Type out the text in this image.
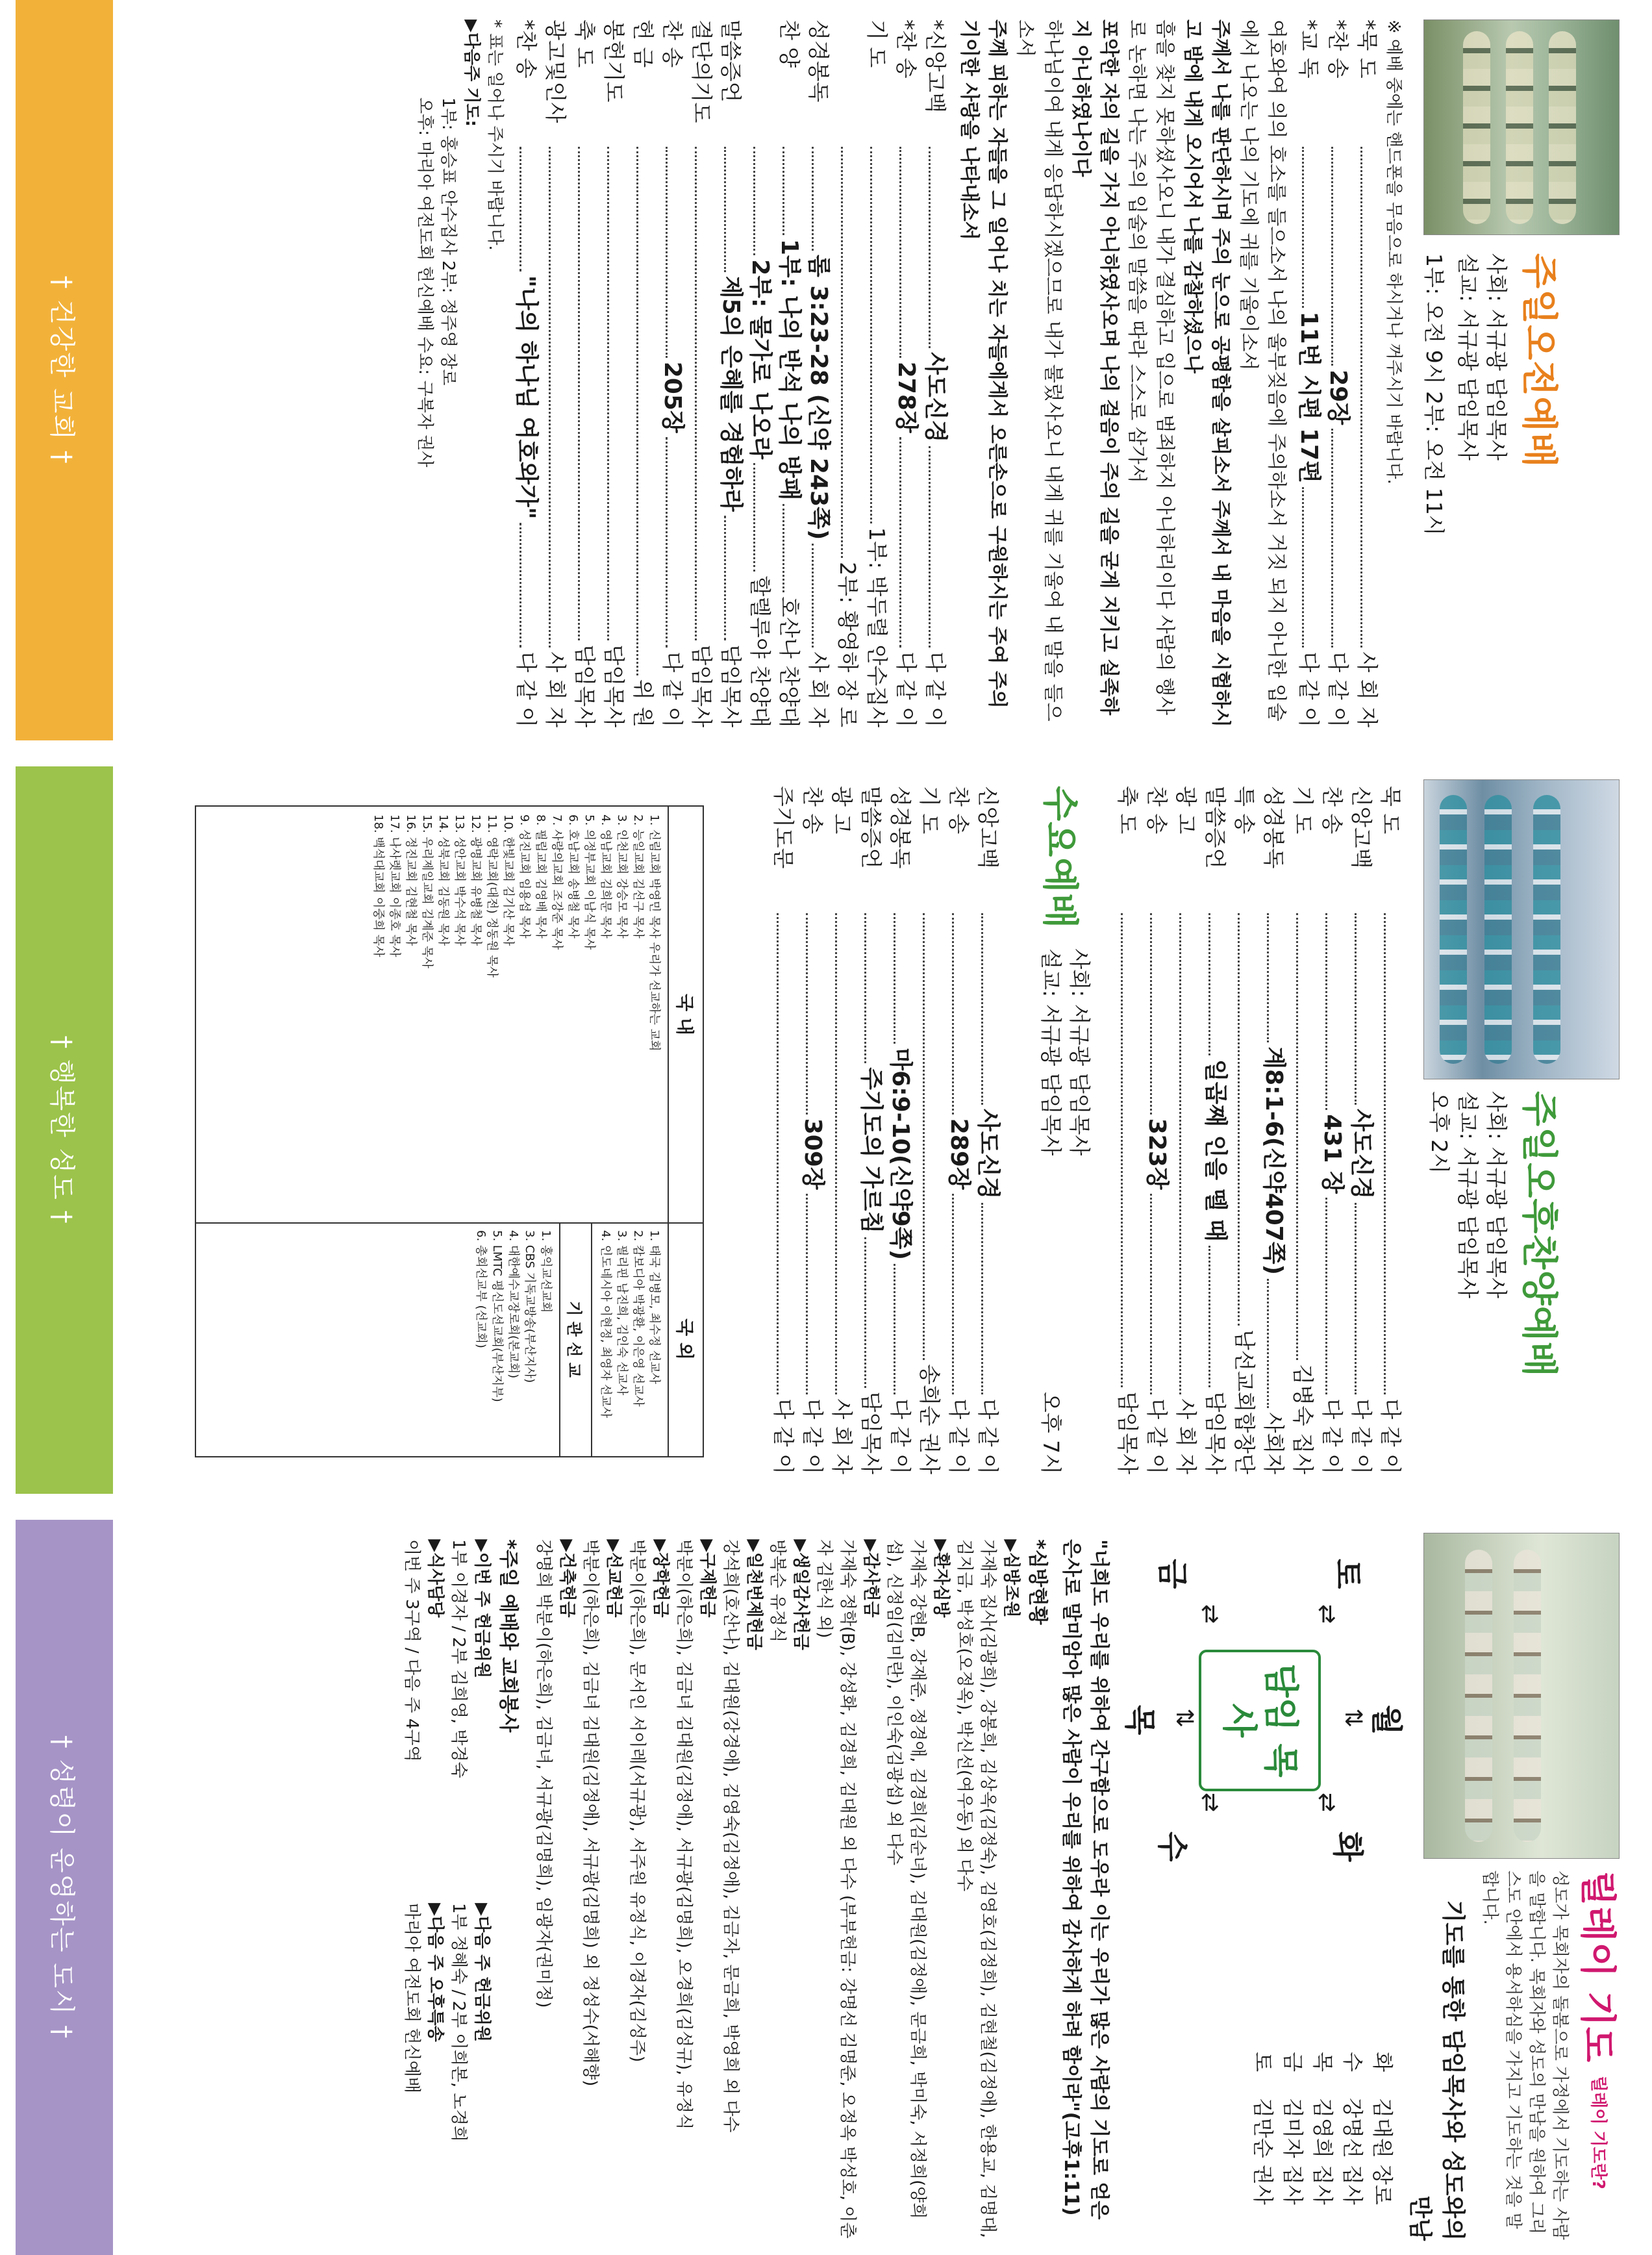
주일오전예배
사회: 서규광 담임목사
설교: 서규광 담임목사
1부: 오전 9시 2부: 오전 11시
※ 예배 중에는 핸드폰을 무음으로 하시거나 꺼주시기 바랍니다.
*묵 도
사 회 자
*찬 송
29장
다 같 이
*교 독
11번 시편 17편
다 같 이
여호와여 의의 호소를 들으소서 나의 울부짖음에 주의하소서 거짓 되지 아니한 입술에서 나오는 나의 기도에 귀를 기울이소서
주께서 나를 판단하시며 주의 눈으로 공평함을 살피소서 주께서 내 마음을 시험하시고 밤에 내게 오시어서 나를 감찰하셨으나
흠을 찾지 못하셨사오니 내가 결심하고 입으로 범죄하지 아니하리이다 사람의 행사로 논하면 나는 주의 입술의 말씀을 따라 스스로 삼가서
포악한 자의 길을 가지 아니하였사오며 나의 걸음이 주의 길을 굳게 지키고 실족하지 아니하였나이다
하나님이여 내게 응답하시겠으므로 내가 불렀사오니 내게 귀를 기울여 내 말을 들으소서
주께 피하는 자들을 그 일어나 치는 자들에게서 오른손으로 구원하시는 주여 주의 기이한 사랑을 나타내소서
*신앙고백
사도신경
다 같 이
*찬 송
278장
다 같 이
기 도
1부: 박두렬 안수집사
2부: 황영하 장 로
성경봉독
롬 3:23-28 (신약 243쪽)
사 회 자
찬 양
1부: 나의 반석 나의 방패
호산나 찬양대
2부: 물가로 나오라
할렐루야 찬양대
말씀증언
제5의 은혜를 경험하라
담임목사
결단의기도
담임목사
찬 송
205장
다 같 이
헌 금
위 원
봉헌기도
담임목사
축 도
담임목사
광고및인사
사 회 자
*찬 송
"나의 하나님 여호와가"
다 같 이
* 표는 일어나 주시기 바랍니다.
▶다음주 기도:
1부: 홍승표 안수집사 2부: 정주영 장로
오후: 마리아 여전도회 헌신예배 수요: 구복자 권사
† 건강한 교회 †
주일오후찬양예배
사회: 서규광 담임목사
설교: 서규광 담임목사
오후 2시
묵 도
다 같 이
신앙고백
사도신경
다 같 이
찬 송
431 장
다 같 이
기 도
김병숙 집사
성경봉독
계8:1-6(신약407쪽)
사회자
특 송
남선교회합창단
말씀증언
일곱째 인을 뗄 때
담임목사
광 고
사 회 자
찬 송
323장
다 같 이
축 도
담임목사
수요예배
사회: 서규광 담임목사
설교: 서규광 담임목사
오후 7시
신앙고백
사도신경
다 같 이
찬 송
289장
다 같 이
기 도
송희순 권사
성경봉독
마6:9-10(신약9쪽)
다 같 이
말씀증언
주기도의 가르침
담임목사
광 고
사 회 자
찬 송
309장
다 같 이
주기도문
다 같 이
국 내
1. 신림교회 박영민 목사 우리가 선교하는 교회
2. 능일교회 김선구 목사
3. 인천교회 강승모 목사
4. 영남교회 김희문 목사
5. 의정부교회 이남식 목사
6. 호남교회 송병철 목사
7. 사랑의교회 조강준 목사
8. 필립교회 김영배 목사
9. 성진교회 임용섭 목사
10. 한빛교회 김기산 목사
11. 영락교회(대전) 정동원 목사
12. 광명교회 유병철 목사
13. 성안교회 박수석 목사
14. 성북교회 김동원 목사
15. 우리제일교회 김계준 목사
16. 정진교회 김현철 목사
17. 나사렛교회 이종호 목사
18. 백석대교회 이중희 목사
국 외
1. 태국 김병모, 최수정 선교사
2. 캄보디아 박광환, 이은영 선교사
3. 필리핀 남진희, 김인숙 선교사
4. 인도네시아 이현정, 최영자 선교사
기 관 선 교
1. 홍익교선교회
3. CBS 기독교방송(부산지사)
4. 대한예수교장로회(본교회)
5. LMTC 평신도선교회(부산지부)
6. 총회선교부 (선교회)
† 행복한 성도 †
릴레이 기도
릴레이 기도란?
성도가 목회자의 돌봄으로 가정에서 기도하는 사람을 말합니다. 목회자와 성도의 만남을 원하여 그리스도 안에서 용서하심을 가지고 기도하는 것을 말합니다.
기도를 통한 담임목사와 성도와의 만남
화
김대원 장로
수
강명선 집사
목
김영희 집사
금
김미자 집사
토
김만순 권사
월
⇅
화
⇄
수
⇄
목 ⇅
금
⇄
토
⇄
담임 목사
"너희도 우리를 위하여 간구함으로 도우라 이는 우리가 많은 사람의 기도로 얻은 은사로 말미암아 많은 사람이 우리를 위하여 감사하게 하려 함이라"(고후1:11)
*심방현황
▶심방조원
가재숙 집사(김광희), 강봉희, 김상옥(김정숙), 김영호(김정희), 김현철(김정애), 한용교, 김명대, 김지금, 박성호(오정옥), 박신선(여우동) 외 다수
▶환자심방
가재숙 강현B, 강재준, 정경애, 김경희(김순녀), 김대원(김정애), 문금희, 박미숙, 서정희(양희섭), 신정임(김미란), 이인숙(김광섭) 외 다수
▶감사헌금
가재숙 정학(B), 강성화, 김경희, 김대원 외 다수 (부부헌금: 강명선 김명준, 오정옥 박성호, 이춘자 김한식 외)
▶생일감사헌금
방복순 유정식
▶일천번제헌금
강석희(호산나), 김대원(강경애), 김영숙(김정애), 김금자, 문금희, 박영희 외 다수
▶구제헌금
박분이(하은희), 김금녀 김대원(김정애), 서규광(김명희), 오경희(김성규), 유정식
▶장학헌금
박분이(하은희), 문서인 서이레(서규광), 서주원 유정식, 이경자(김성주)
▶선교헌금
박분이(하은희), 김금녀 김대원(김정애), 서규광(김명희) 외 정성수(서해향)
▶건축헌금
강명희 박분이(하은희), 김금녀, 서규광(김명희), 임광자(권미정)
*주일 예배와 교회봉사
▶이번 주 헌금위원
1부 이경자 / 2부 김희영, 박경숙
▶식사담당
이번 주 3구역 / 다음 주 4구역
▶다음 주 헌금위원
1부 정혜숙 / 2부 이희본, 노경희
▶다음 주 오후특송
마리아 여전도회 헌신예배
† 성령이 운영하는 도시 †
